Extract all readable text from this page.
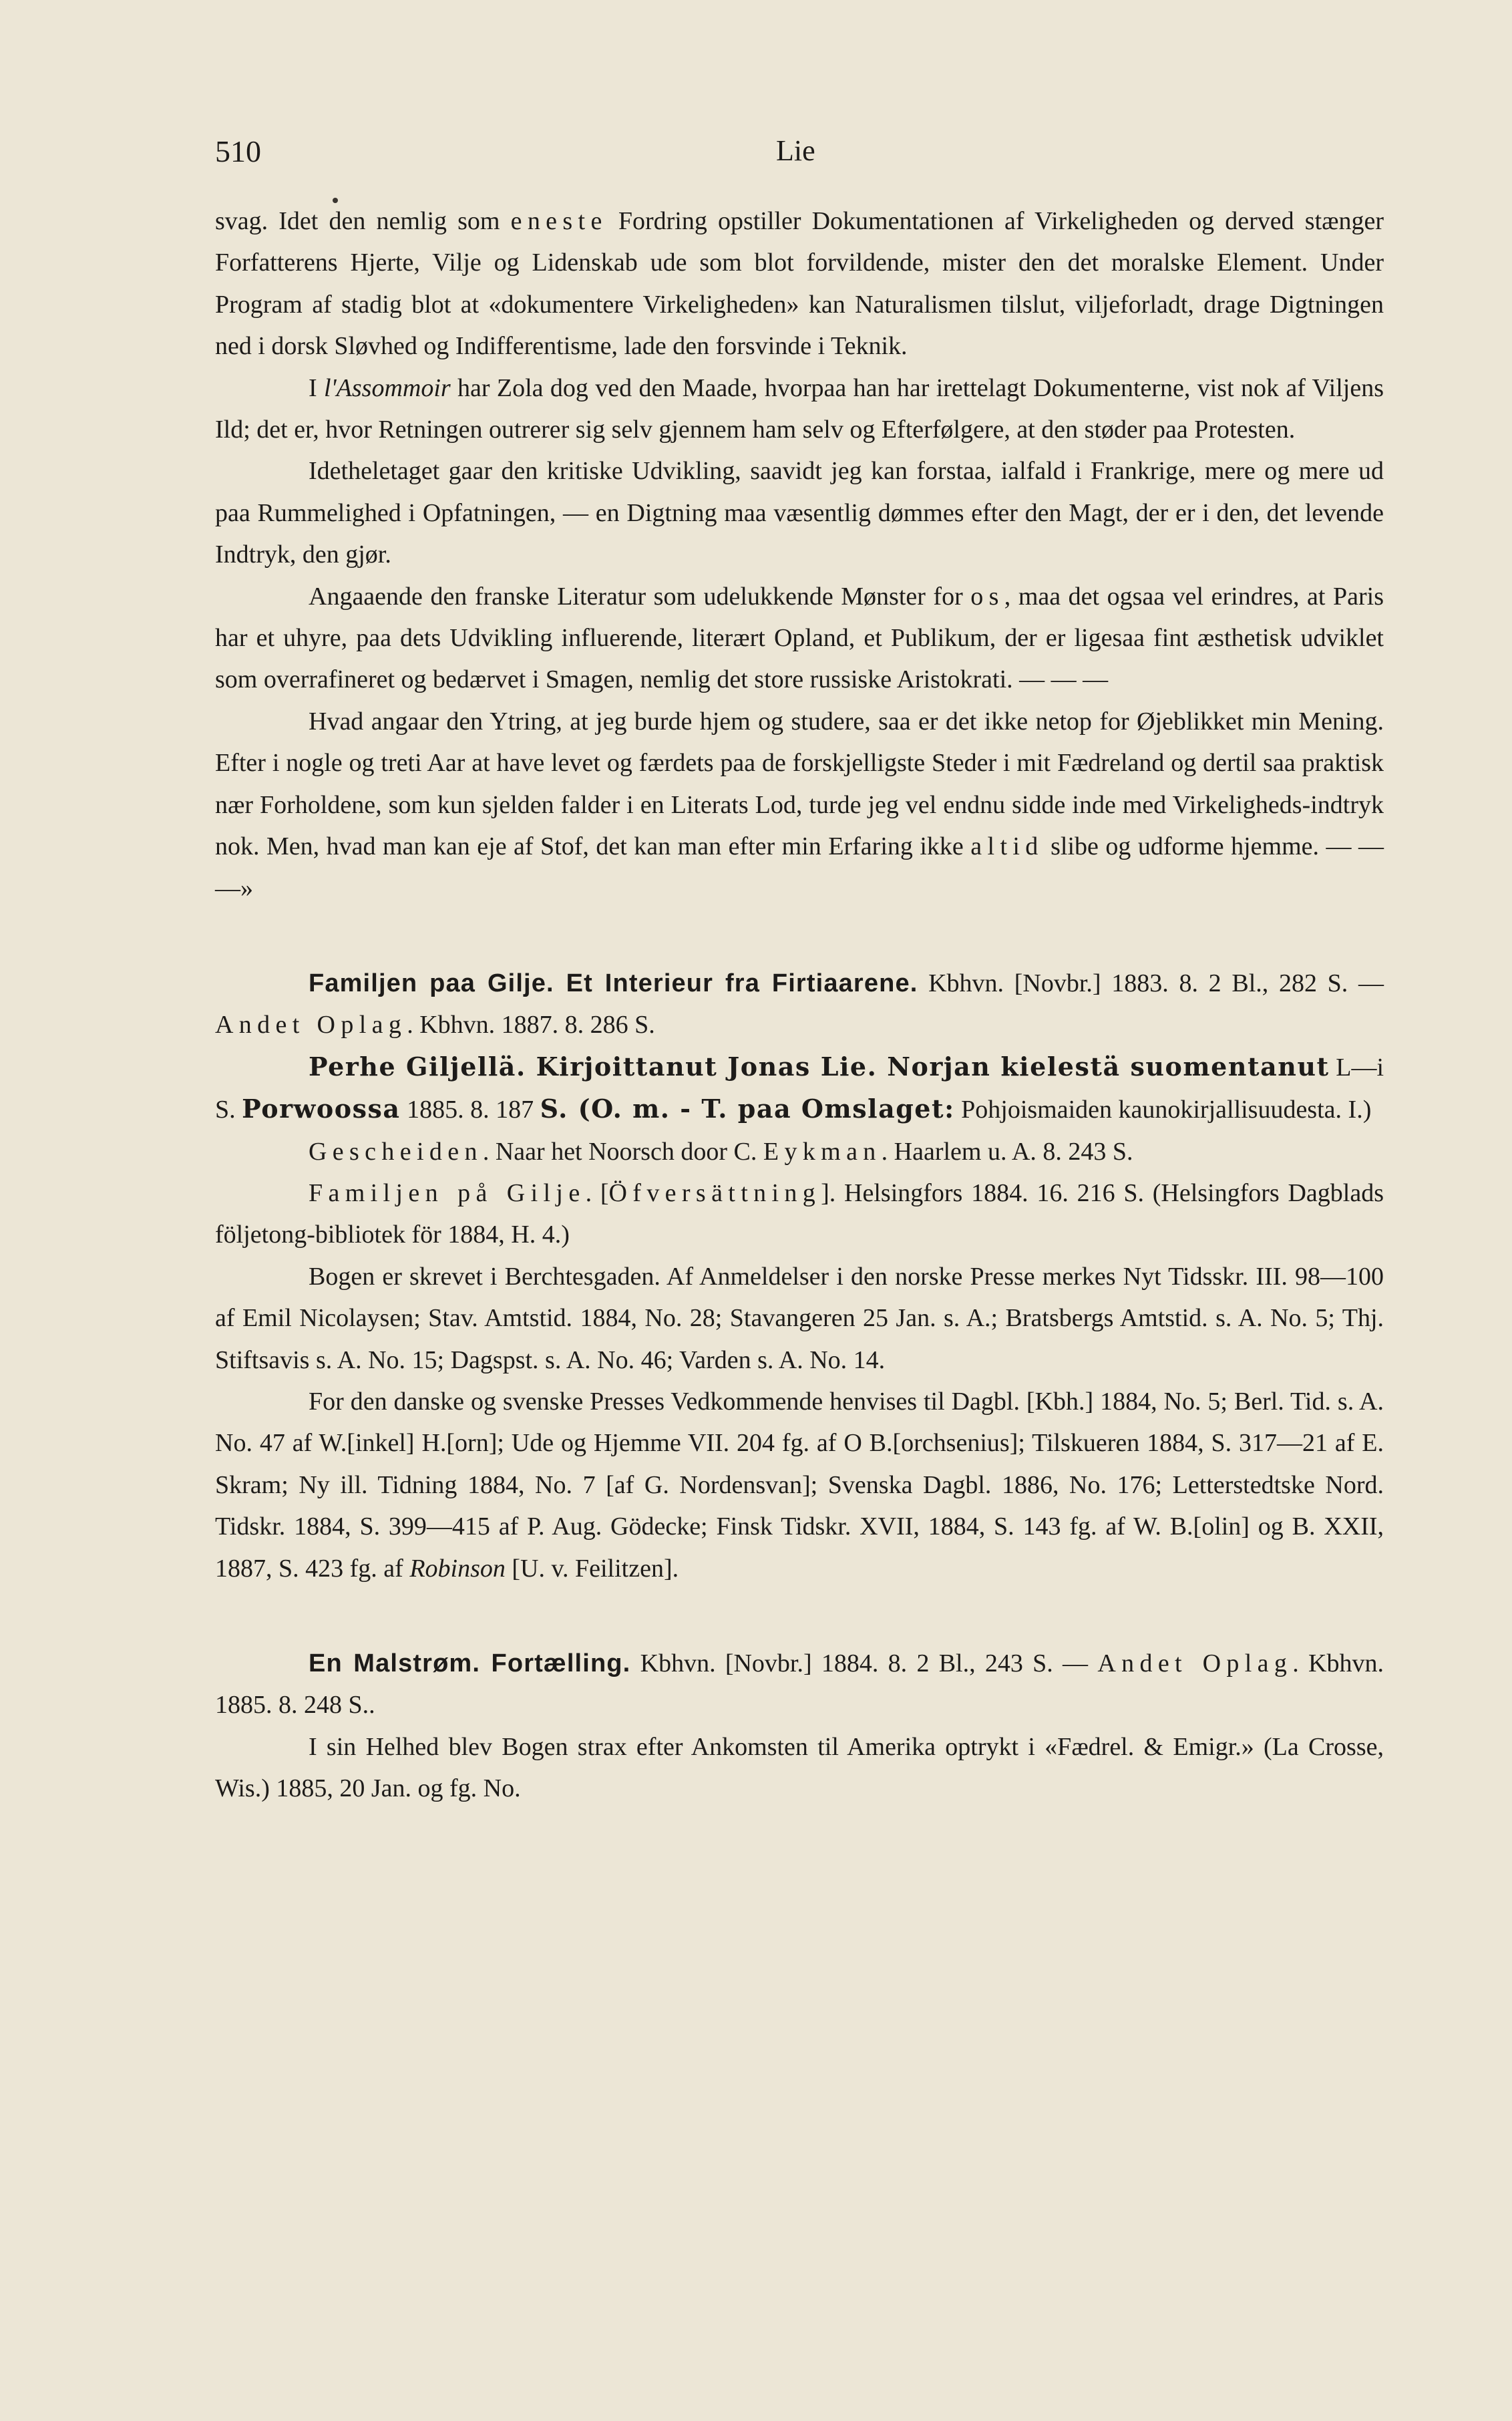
510	Lie

svag. Idet den nemlig som eneste Fordring opstiller Dokumentationen af Virkeligheden og derved stænger Forfatterens Hjerte, Vilje og Lidenskab ude som blot forvildende, mister den det moralske Element. Under Program af stadig blot at «dokumentere Virkeligheden» kan Naturalismen tilslut, viljeforladt, drage Digtningen ned i dorsk Sløvhed og Indifferentisme, lade den forsvinde i Teknik.

I l'Assommoir har Zola dog ved den Maade, hvorpaa han har irettelagt Dokumenterne, vist nok af Viljens Ild; det er, hvor Retningen outrerer sig selv gjennem ham selv og Efterfølgere, at den støder paa Protesten.

Idetheletaget gaar den kritiske Udvikling, saavidt jeg kan forstaa, ialfald i Frankrige, mere og mere ud paa Rummelighed i Opfatningen, — en Digtning maa væsentlig dømmes efter den Magt, der er i den, det levende Indtryk, den gjør.

Angaaende den franske Literatur som udelukkende Mønster for os, maa det ogsaa vel erindres, at Paris har et uhyre, paa dets Udvikling influerende, literært Opland, et Publikum, der er ligesaa fint æsthetisk udviklet som overrafineret og bedærvet i Smagen, nemlig det store russiske Aristokrati. — — —

Hvad angaar den Ytring, at jeg burde hjem og studere, saa er det ikke netop for Øjeblikket min Mening. Efter i nogle og treti Aar at have levet og færdets paa de forskjelligste Steder i mit Fædreland og dertil saa praktisk nær Forholdene, som kun sjelden falder i en Literats Lod, turde jeg vel endnu sidde inde med Virkeligheds-indtryk nok. Men, hvad man kan eje af Stof, det kan man efter min Erfaring ikke altid slibe og udforme hjemme. — — —»

Familjen paa Gilje. Et Interieur fra Firtiaarene. Kbhvn. [Novbr.] 1883. 8. 2 Bl., 282 S. — Andet Oplag. Kbhvn. 1887. 8. 286 S.

Perhe Giljellä. Kirjoittanut Jonas Lie. Norjan kielestä suomentanut L—i S. Porwoossa 1885. 8. 187 S. (O. m. - T. paa Omslaget: Pohjoismaiden kaunokirjallisuudesta. I.)

Gescheiden. Naar het Noorsch door C. Eykman. Haarlem u. A. 8. 243 S.

Familjen på Gilje. [Öfversättning]. Helsingfors 1884. 16. 216 S. (Helsingfors Dagblads följetong-bibliotek för 1884, H. 4.)

Bogen er skrevet i Berchtesgaden. Af Anmeldelser i den norske Presse merkes Nyt Tidsskr. III. 98—100 af Emil Nicolaysen; Stav. Amtstid. 1884, No. 28; Stavangeren 25 Jan. s. A.; Bratsbergs Amtstid. s. A. No. 5; Thj. Stiftsavis s. A. No. 15; Dagspst. s. A. No. 46; Varden s. A. No. 14.

For den danske og svenske Presses Vedkommende henvises til Dagbl. [Kbh.] 1884, No. 5; Berl. Tid. s. A. No. 47 af W.[inkel] H.[orn]; Ude og Hjemme VII. 204 fg. af O B.[orchsenius]; Tilskueren 1884, S. 317—21 af E. Skram; Ny ill. Tidning 1884, No. 7 [af G. Nordensvan]; Svenska Dagbl. 1886, No. 176; Letterstedtske Nord. Tidskr. 1884, S. 399—415 af P. Aug. Gödecke; Finsk Tidskr. XVII, 1884, S. 143 fg. af W. B.[olin] og B. XXII, 1887, S. 423 fg. af Robinson [U. v. Feilitzen].

En Malstrøm. Fortælling. Kbhvn. [Novbr.] 1884. 8. 2 Bl., 243 S. — Andet Oplag. Kbhvn. 1885. 8. 248 S..

I sin Helhed blev Bogen strax efter Ankomsten til Amerika optrykt i «Fædrel. & Emigr.» (La Crosse, Wis.) 1885, 20 Jan. og fg. No.
